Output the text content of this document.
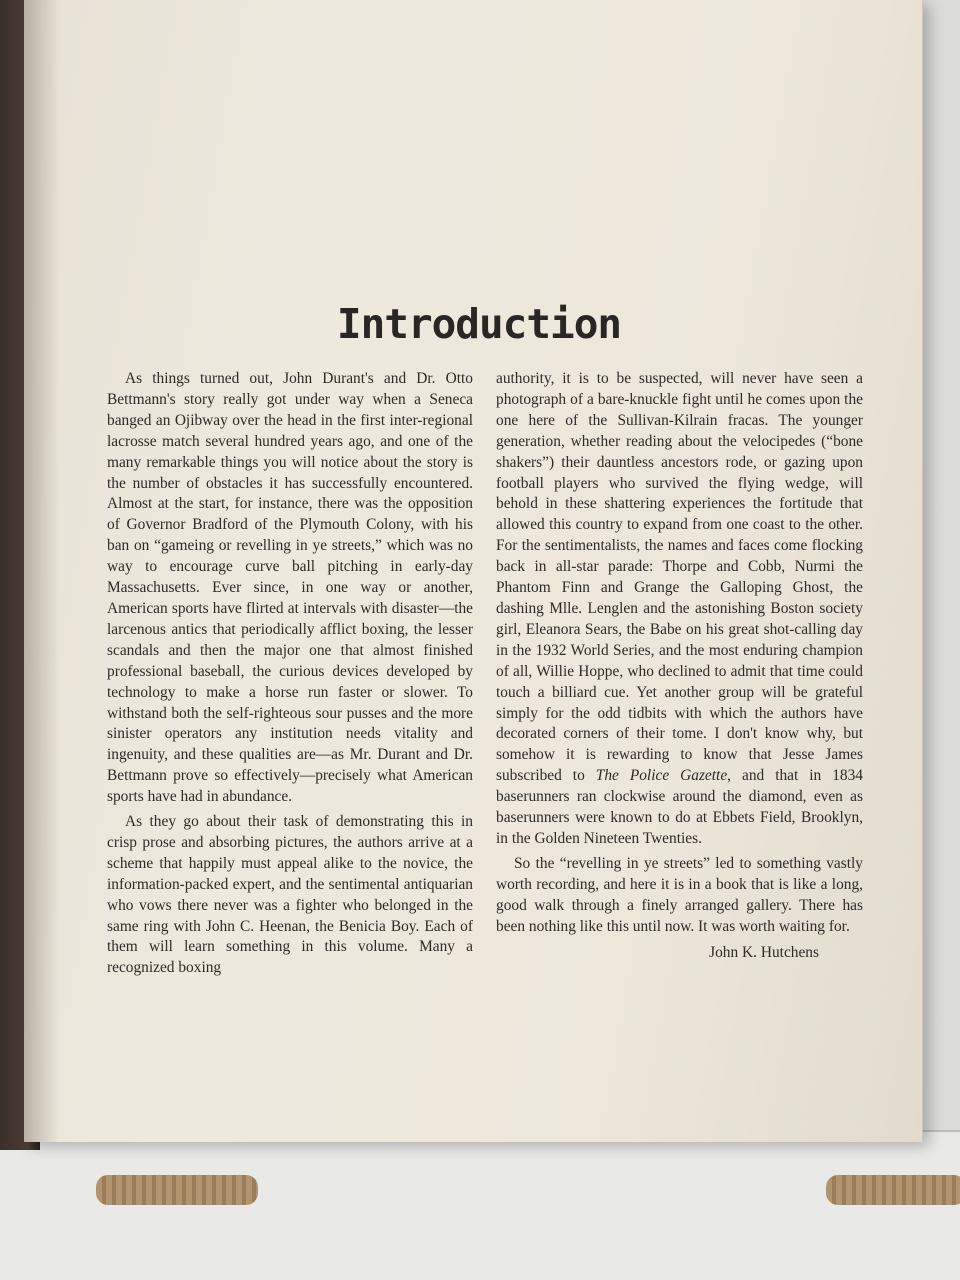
Introduction

As things turned out, John Durant's and Dr. Otto Bettmann's story really got under way when a Seneca banged an Ojibway over the head in the first inter-regional lacrosse match several hundred years ago, and one of the many remarkable things you will notice about the story is the number of obstacles it has successfully encountered. Almost at the start, for instance, there was the opposition of Governor Bradford of the Plymouth Colony, with his ban on “gameing or revelling in ye streets,” which was no way to encourage curve ball pitching in early-day Massachusetts. Ever since, in one way or another, American sports have flirted at intervals with disaster—the larcenous antics that periodically afflict boxing, the lesser scandals and then the major one that almost finished professional baseball, the curious devices developed by technology to make a horse run faster or slower. To withstand both the self-righteous sour pusses and the more sinister operators any institution needs vitality and ingenuity, and these qualities are—as Mr. Durant and Dr. Bettmann prove so effectively—precisely what American sports have had in abundance.

As they go about their task of demonstrating this in crisp prose and absorbing pictures, the authors arrive at a scheme that happily must appeal alike to the novice, the information-packed expert, and the sentimental antiquarian who vows there never was a fighter who belonged in the same ring with John C. Heenan, the Benicia Boy. Each of them will learn something in this volume. Many a recognized boxing

authority, it is to be suspected, will never have seen a photograph of a bare-knuckle fight until he comes upon the one here of the Sullivan-Kilrain fracas. The younger generation, whether reading about the velocipedes (“bone shakers”) their dauntless ancestors rode, or gazing upon football players who survived the flying wedge, will behold in these shattering experiences the fortitude that allowed this country to expand from one coast to the other. For the sentimentalists, the names and faces come flocking back in all-star parade: Thorpe and Cobb, Nurmi the Phantom Finn and Grange the Galloping Ghost, the dashing Mlle. Lenglen and the astonishing Boston society girl, Eleanora Sears, the Babe on his great shot-calling day in the 1932 World Series, and the most enduring champion of all, Willie Hoppe, who declined to admit that time could touch a billiard cue. Yet another group will be grateful simply for the odd tidbits with which the authors have decorated corners of their tome. I don't know why, but somehow it is rewarding to know that Jesse James subscribed to The Police Gazette, and that in 1834 baserunners ran clockwise around the diamond, even as baserunners were known to do at Ebbets Field, Brooklyn, in the Golden Nineteen Twenties.

So the “revelling in ye streets” led to something vastly worth recording, and here it is in a book that is like a long, good walk through a finely arranged gallery. There has been nothing like this until now. It was worth waiting for.

John K. Hutchens
